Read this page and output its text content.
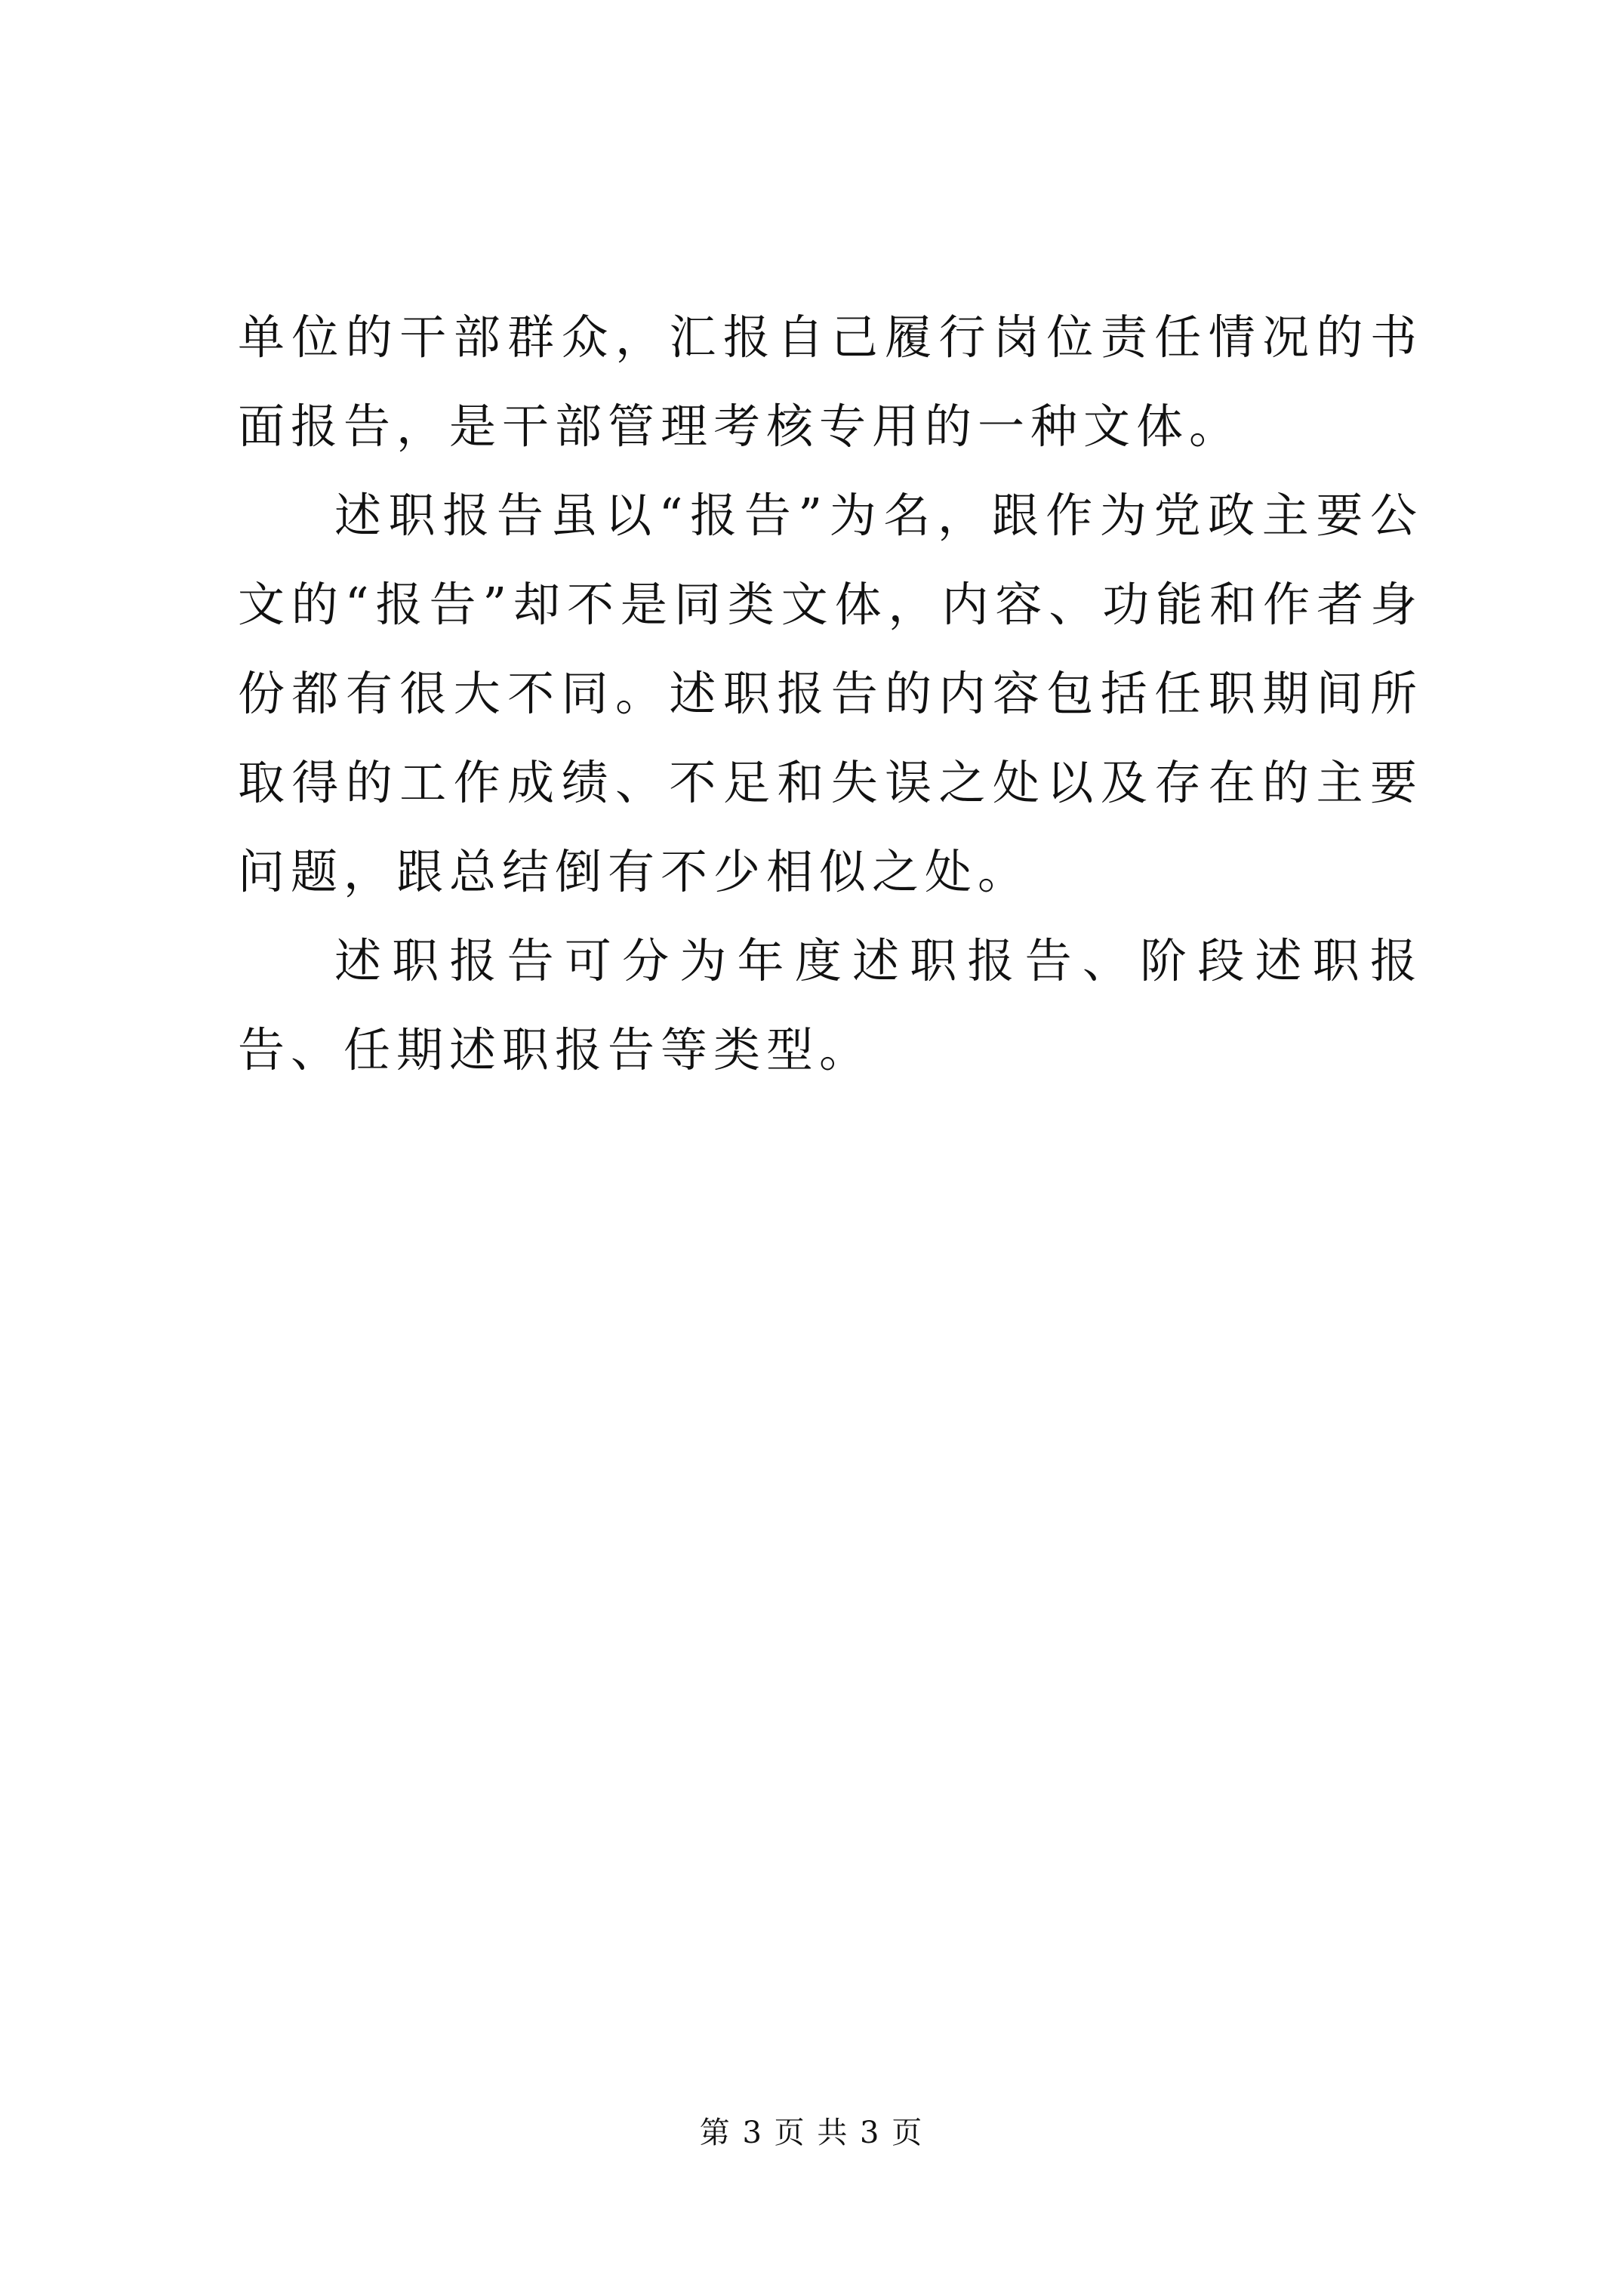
单位的干部群众，汇报自己履行岗位责任情况的书面报告，是干部管理考核专用的一种文体。

述职报告虽以“报告”为名，跟作为党政主要公文的“报告”却不是同类文体，内容、功能和作者身份都有很大不同。述职报告的内容包括任职期间所取得的工作成绩、不足和失误之处以及存在的主要问题，跟总结倒有不少相似之处。

述职报告可分为年度述职报告、阶段述职报告、任期述职报告等类型。

第 3 页 共 3 页
